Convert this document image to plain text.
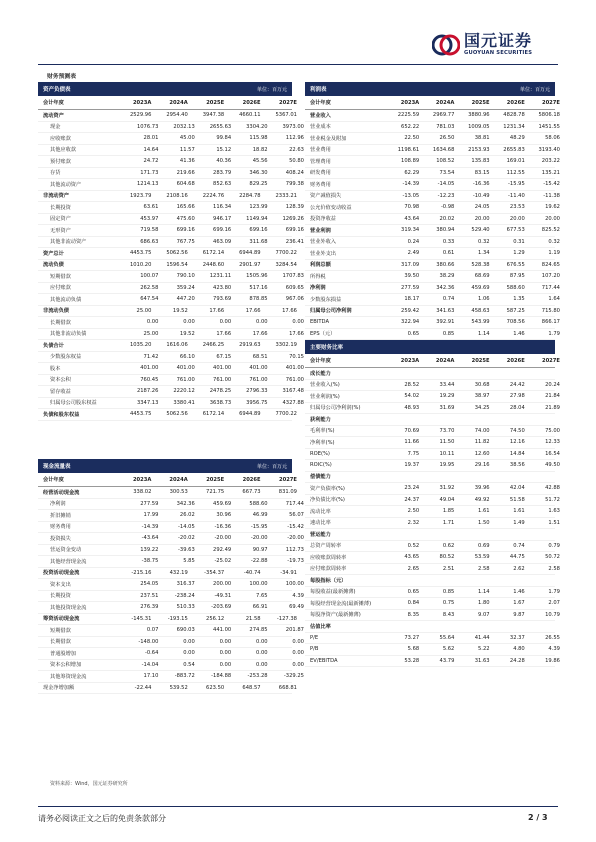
国元证券
GUOYUAN SECURITIES
财务预测表
资产负债表	单位：百万元
会计年度	2023A	2024A	2025E	2026E	2027E
流动资产	2529.96	2954.40	3947.38	4660.11	5367.01
现金	1076.73	2032.13	2655.63	3304.20	3973.00
应收账款	28.01	45.00	99.84	115.98	112.96
其他应收款	14.64	11.57	15.12	18.82	22.63
预付账款	24.72	41.36	40.36	45.56	50.80
存货	171.73	219.66	283.79	346.30	408.24
其他流动资产	1214.13	604.68	852.63	829.25	799.38
非流动资产	1923.79	2108.16	2224.76	2284.78	2333.21
长期投资	63.61	165.66	116.34	123.99	128.39
固定资产	453.97	475.60	946.17	1149.94	1269.26
无形资产	719.58	699.16	699.16	699.16	699.16
其他非流动资产	686.63	767.75	463.09	311.68	236.41
资产总计	4453.75	5062.56	6172.14	6944.89	7700.22
流动负债	1010.20	1596.54	2448.60	2901.97	3284.54
短期借款	100.07	790.10	1231.11	1505.96	1707.83
应付账款	262.58	359.24	423.80	517.16	609.65
其他流动负债	647.54	447.20	793.69	878.85	967.06
非流动负债	25.00	19.52	17.66	17.66	17.66
长期借款	0.00	0.00	0.00	0.00	0.00
其他非流动负债	25.00	19.52	17.66	17.66	17.66
负债合计	1035.20	1616.06	2466.25	2919.63	3302.19
少数股东权益	71.42	66.10	67.15	68.51	70.15
股本	401.00	401.00	401.00	401.00	401.00
资本公积	760.45	761.00	761.00	761.00	761.00
留存收益	2187.26	2220.12	2478.25	2796.33	3167.48
归属母公司股东权益	3347.13	3380.41	3638.73	3956.75	4327.88
负债和股东权益	4453.75	5062.56	6172.14	6944.89	7700.22
利润表	单位：百万元
会计年度	2023A	2024A	2025E	2026E	2027E
营业收入	2225.59	2969.77	3880.96	4828.78	5806.18
营业成本	652.22	781.03	1009.05	1231.34	1451.55
营业税金及附加	22.50	26.50	38.81	48.29	58.06
营业费用	1198.61	1634.68	2153.93	2655.83	3193.40
管理费用	108.89	108.52	135.83	169.01	203.22
研发费用	62.29	73.54	83.15	112.55	135.21
财务费用	-14.39	-14.05	-16.36	-15.95	-15.42
资产减值损失	-13.05	-12.23	-10.49	-11.40	-11.38
公允价值变动收益	70.98	-0.98	24.05	23.53	19.62
投资净收益	43.64	20.02	20.00	20.00	20.00
营业利润	319.34	380.94	529.40	677.53	825.52
营业外收入	0.24	0.33	0.32	0.31	0.32
营业外支出	2.49	0.61	1.34	1.29	1.19
利润总额	317.09	380.66	528.38	676.55	824.65
所得税	39.50	38.29	68.69	87.95	107.20
净利润	277.59	342.36	459.69	588.60	717.44
少数股东损益	18.17	0.74	1.06	1.35	1.64
归属母公司净利润	259.42	341.63	458.63	587.25	715.80
EBITDA	322.94	392.91	543.99	708.56	866.17
EPS（元）	0.65	0.85	1.14	1.46	1.79
现金流量表	单位：百万元
会计年度	2023A	2024A	2025E	2026E	2027E
经营活动现金流	338.02	300.53	721.75	667.73	831.09
净利润	277.59	342.36	459.69	588.60	717.44
折旧摊销	17.99	26.02	30.96	46.99	56.07
财务费用	-14.39	-14.05	-16.36	-15.95	-15.42
投资损失	-43.64	-20.02	-20.00	-20.00	-20.00
营运资金变动	139.22	-39.63	292.49	90.97	112.73
其他经营现金流	-38.75	5.85	-25.02	-22.88	-19.73
投资活动现金流	-215.16	432.19	-354.37	-40.74	-34.91
资本支出	254.05	316.37	200.00	100.00	100.00
长期投资	237.51	-238.24	-49.31	7.65	4.39
其他投资现金流	276.39	510.33	-203.69	66.91	69.49
筹资活动现金流	-145.31	-193.15	256.12	21.58	-127.38
短期借款	0.07	690.03	441.00	274.85	201.87
长期借款	-148.00	0.00	0.00	0.00	0.00
普通股增加	-0.64	0.00	0.00	0.00	0.00
资本公积增加	-14.04	0.54	0.00	0.00	0.00
其他筹资现金流	17.10	-883.72	-184.88	-253.28	-329.25
现金净增加额	-22.44	539.52	623.50	648.57	668.81
主要财务比率
会计年度	2023A	2024A	2025E	2026E	2027E
成长能力
营业收入(%)	28.52	33.44	30.68	24.42	20.24
营业利润(%)	54.02	19.29	38.97	27.98	21.84
归属母公司净利润(%)	48.93	31.69	34.25	28.04	21.89
获利能力
毛利率(%)	70.69	73.70	74.00	74.50	75.00
净利率(%)	11.66	11.50	11.82	12.16	12.33
ROE(%)	7.75	10.11	12.60	14.84	16.54
ROIC(%)	19.37	19.95	29.16	38.56	49.50
偿债能力
资产负债率(%)	23.24	31.92	39.96	42.04	42.88
净负债比率(%)	24.37	49.04	49.92	51.58	51.72
流动比率	2.50	1.85	1.61	1.61	1.63
速动比率	2.32	1.71	1.50	1.49	1.51
营运能力
总资产周转率	0.52	0.62	0.69	0.74	0.79
应收账款周转率	43.65	80.52	53.59	44.75	50.72
应付账款周转率	2.65	2.51	2.58	2.62	2.58
每股指标（元）
每股收益(最新摊薄)	0.65	0.85	1.14	1.46	1.79
每股经营现金流(最新摊薄)	0.84	0.75	1.80	1.67	2.07
每股净资产(最新摊薄)	8.35	8.43	9.07	9.87	10.79
估值比率
P/E	73.27	55.64	41.44	32.37	26.55
P/B	5.68	5.62	5.22	4.80	4.39
EV/EBITDA	53.28	43.79	31.63	24.28	19.86
资料来源：Wind，国元证券研究所
请务必阅读正文之后的免责条款部分	2 / 3
